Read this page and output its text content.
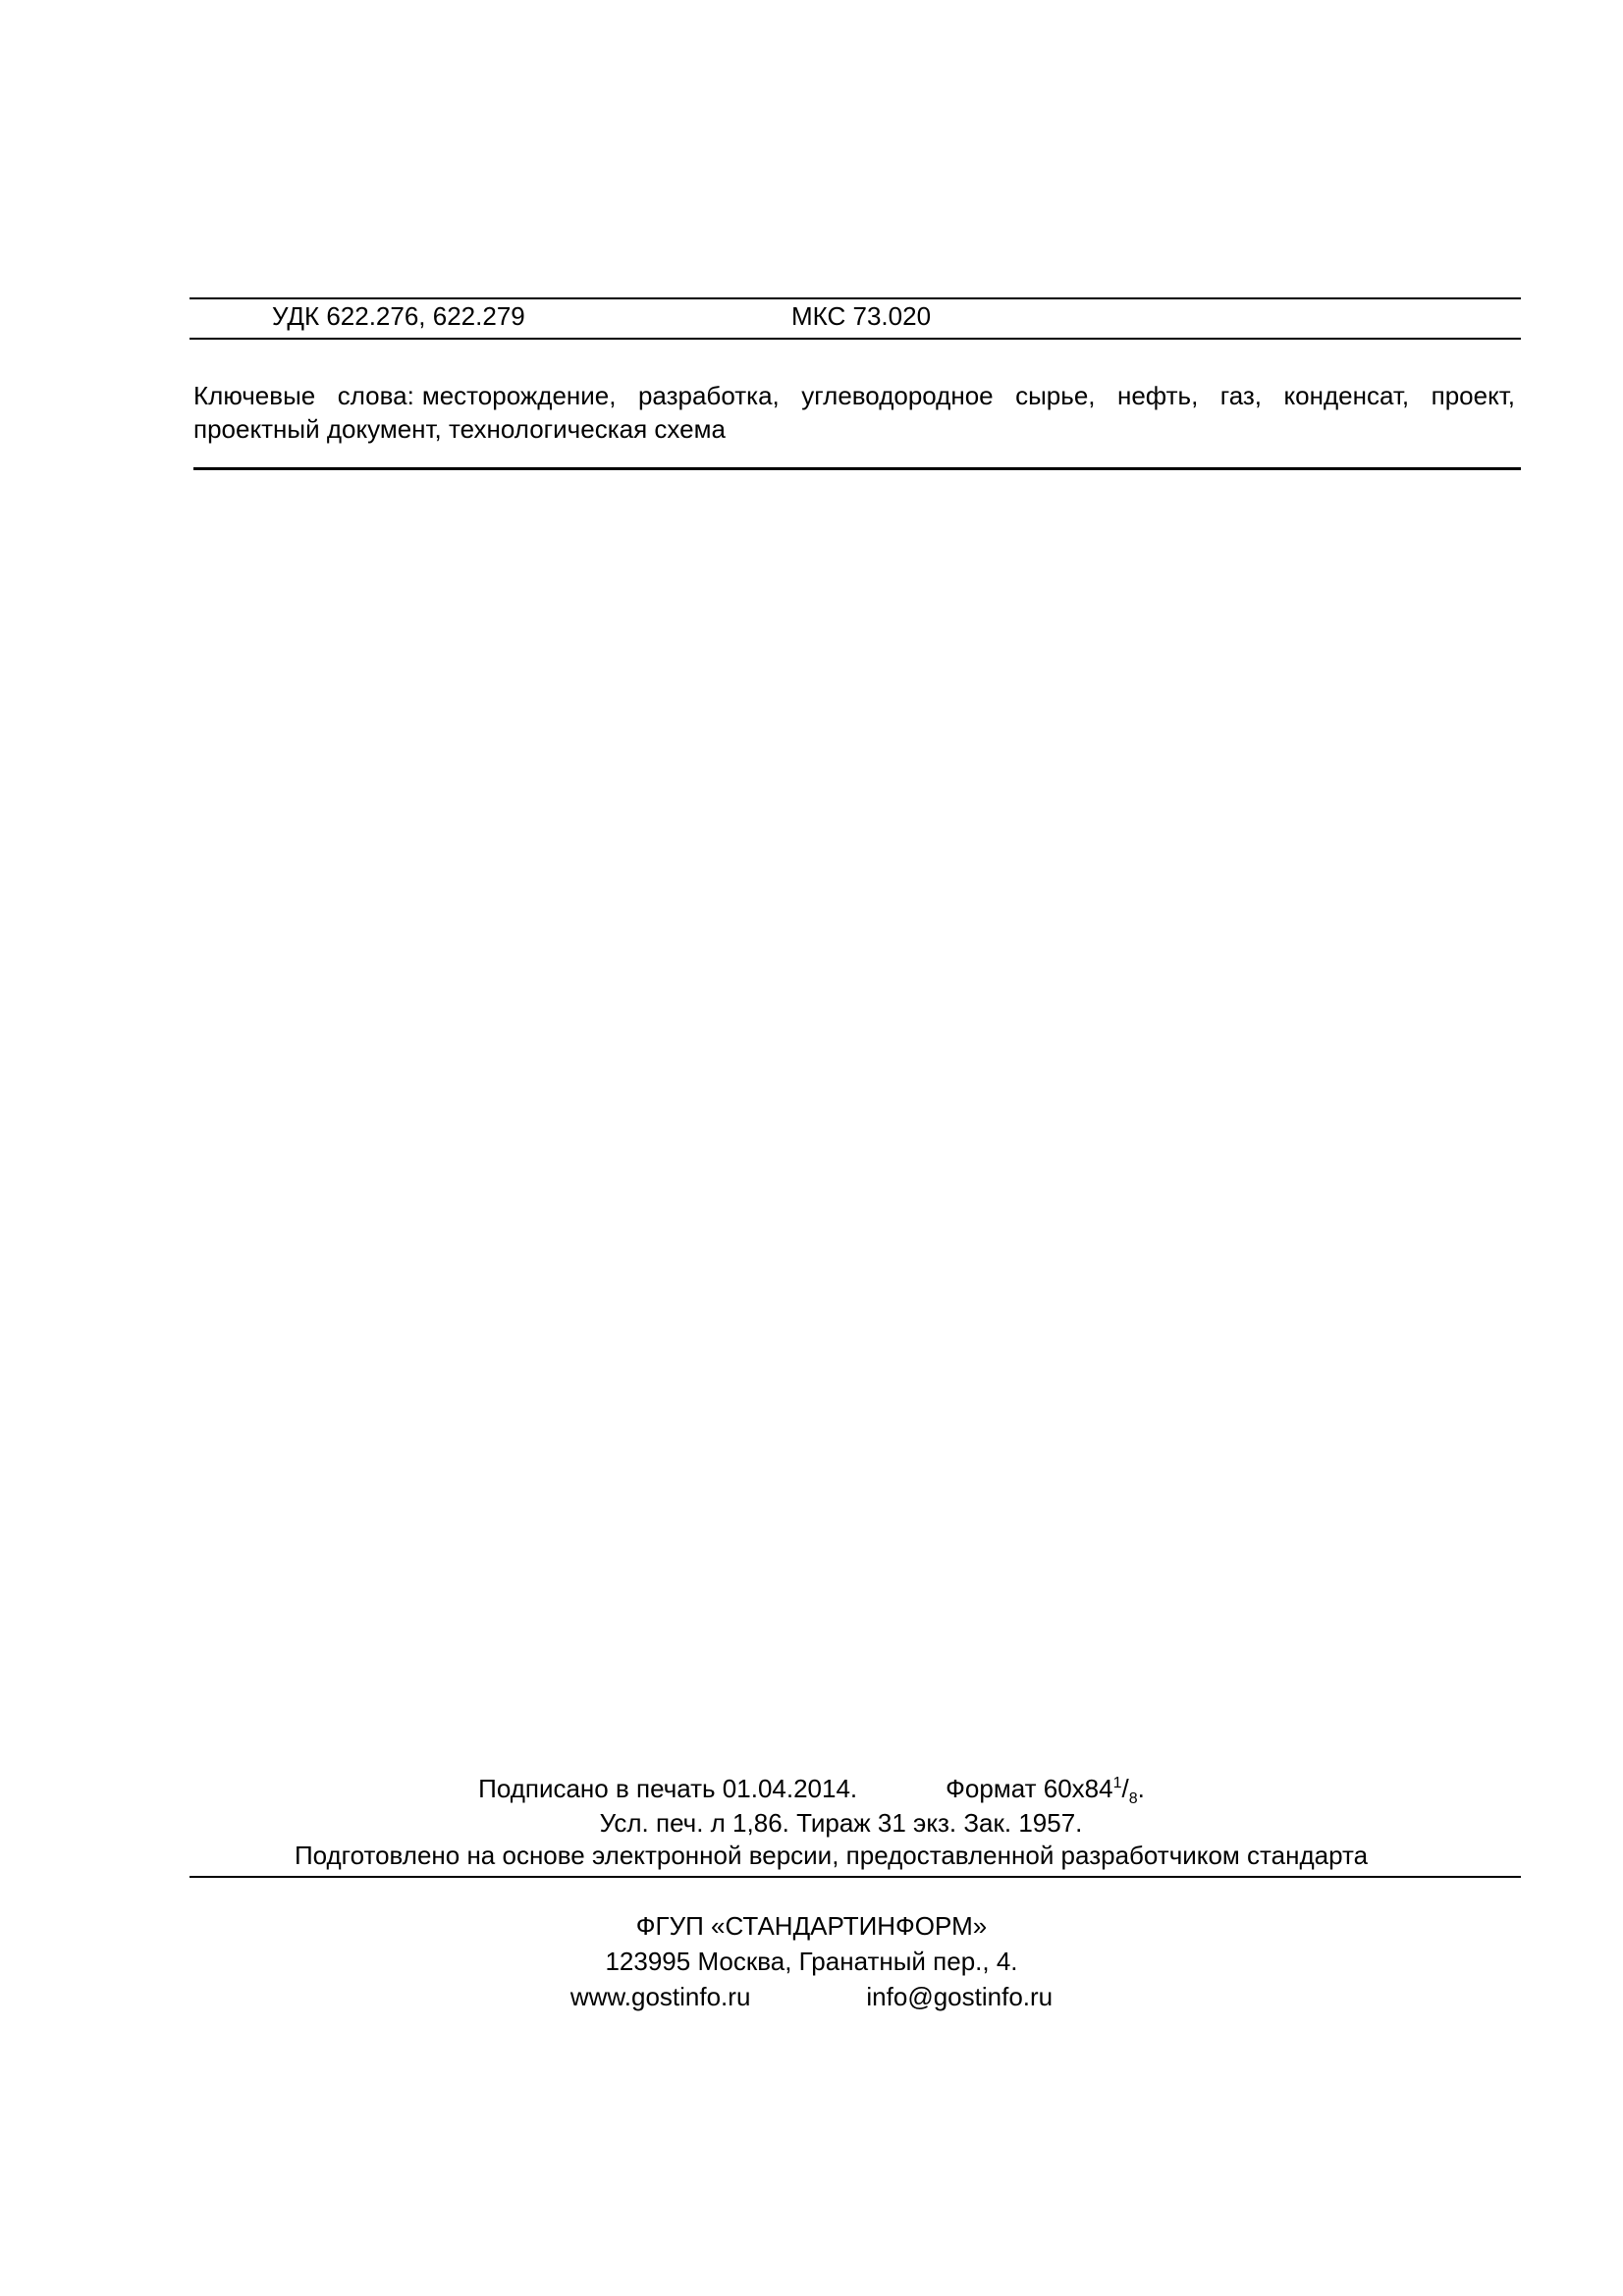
УДК 622.276, 622.279	МКС 73.020
Ключевые слова: месторождение, разработка, углеводородное сырье, нефть, газ, конденсат, проект, проектный документ, технологическая схема
Подписано в печать 01.04.2014.	Формат $60x84^1/_8$.
Усл. печ. л 1,86. Тираж 31 экз. Зак. 1957.
Подготовлено на основе электронной версии, предоставленной разработчиком стандарта
ФГУП «СТАНДАРТИНФОРМ»
123995 Москва, Гранатный пер., 4.
www.gostinfo.ru	info@gostinfo.ru
